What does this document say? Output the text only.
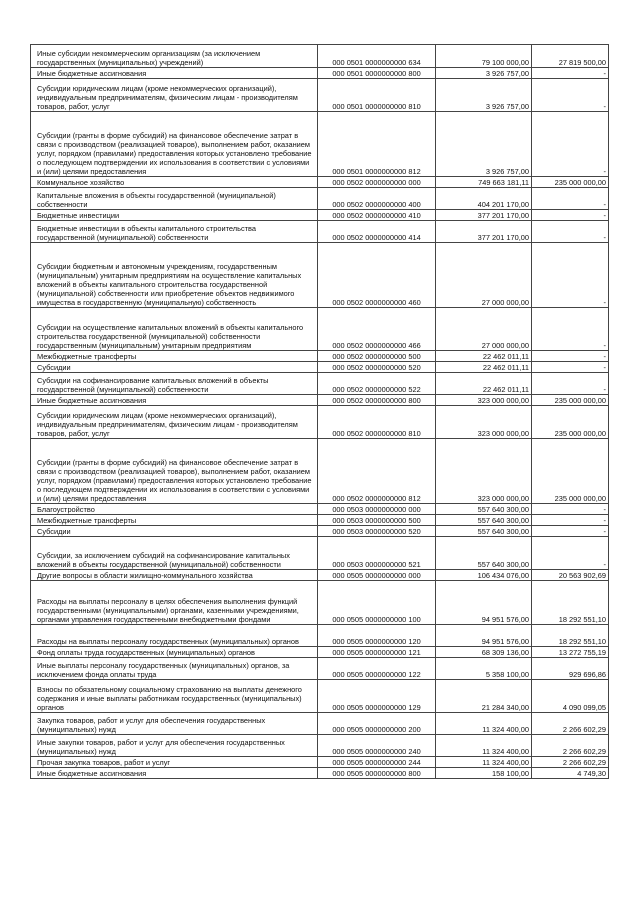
Иные субсидии некоммерческим организациям (за исключением государственных (муниципальных) учреждений)	000 0501 0000000000 634	79 100 000,00	27 819 500,00
Иные бюджетные ассигнования	000 0501 0000000000 800	3 926 757,00	-
Субсидии юридическим лицам (кроме некоммерческих организаций), индивидуальным предпринимателям, физическим лицам - производителям товаров, работ, услуг	000 0501 0000000000 810	3 926 757,00	-
Субсидии (гранты в форме субсидий) на финансовое обеспечение затрат в связи с производством (реализацией товаров), выполнением работ, оказанием услуг, порядком (правилами) предоставления которых установлено требование о последующем подтверждении их использования в соответствии с условиями и (или) целями предоставления	000 0501 0000000000 812	3 926 757,00	-
Коммунальное хозяйство	000 0502 0000000000 000	749 663 181,11	235 000 000,00
Капитальные вложения в объекты государственной (муниципальной) собственности	000 0502 0000000000 400	404 201 170,00	-
Бюджетные инвестиции	000 0502 0000000000 410	377 201 170,00	-
Бюджетные инвестиции в объекты капитального строительства государственной (муниципальной) собственности	000 0502 0000000000 414	377 201 170,00	-
Субсидии бюджетным и автономным учреждениям, государственным (муниципальным) унитарным предприятиям на осуществление капитальных вложений в объекты капитального строительства государственной (муниципальной) собственности или приобретение объектов недвижимого имущества в государственную (муниципальную) собственность	000 0502 0000000000 460	27 000 000,00	-
Субсидии на осуществление капитальных вложений в объекты капитального строительства государственной (муниципальной) собственности государственным (муниципальным) унитарным предприятиям	000 0502 0000000000 466	27 000 000,00	-
Межбюджетные трансферты	000 0502 0000000000 500	22 462 011,11	-
Субсидии	000 0502 0000000000 520	22 462 011,11	-
Субсидии на софинансирование капитальных вложений в объекты государственной (муниципальной) собственности	000 0502 0000000000 522	22 462 011,11	-
Иные бюджетные ассигнования	000 0502 0000000000 800	323 000 000,00	235 000 000,00
Субсидии юридическим лицам (кроме некоммерческих организаций), индивидуальным предпринимателям, физическим лицам - производителям товаров, работ, услуг	000 0502 0000000000 810	323 000 000,00	235 000 000,00
Субсидии (гранты в форме субсидий) на финансовое обеспечение затрат в связи с производством (реализацией товаров), выполнением работ, оказанием услуг, порядком (правилами) предоставления которых установлено требование о последующем подтверждении их использования в соответствии с условиями и (или) целями предоставления	000 0502 0000000000 812	323 000 000,00	235 000 000,00
Благоустройство	000 0503 0000000000 000	557 640 300,00	-
Межбюджетные трансферты	000 0503 0000000000 500	557 640 300,00	-
Субсидии	000 0503 0000000000 520	557 640 300,00	-
Субсидии, за исключением субсидий на софинансирование капитальных вложений в объекты государственной (муниципальной) собственности	000 0503 0000000000 521	557 640 300,00	-
Другие вопросы в области жилищно-коммунального хозяйства	000 0505 0000000000 000	106 434 076,00	20 563 902,69
Расходы на выплаты персоналу в целях обеспечения выполнения функций государственными (муниципальными) органами, казенными учреждениями, органами управления государственными внебюджетными фондами	000 0505 0000000000 100	94 951 576,00	18 292 551,10
Расходы на выплаты персоналу государственных (муниципальных) органов	000 0505 0000000000 120	94 951 576,00	18 292 551,10
Фонд оплаты труда государственных (муниципальных) органов	000 0505 0000000000 121	68 309 136,00	13 272 755,19
Иные выплаты персоналу государственных (муниципальных) органов, за исключением фонда оплаты труда	000 0505 0000000000 122	5 358 100,00	929 696,86
Взносы по обязательному социальному страхованию на выплаты денежного содержания и иные выплаты работникам государственных (муниципальных) органов	000 0505 0000000000 129	21 284 340,00	4 090 099,05
Закупка товаров, работ и услуг для обеспечения государственных (муниципальных) нужд	000 0505 0000000000 200	11 324 400,00	2 266 602,29
Иные закупки товаров, работ и услуг для обеспечения государственных (муниципальных) нужд	000 0505 0000000000 240	11 324 400,00	2 266 602,29
Прочая закупка товаров, работ и услуг	000 0505 0000000000 244	11 324 400,00	2 266 602,29
Иные бюджетные ассигнования	000 0505 0000000000 800	158 100,00	4 749,30
